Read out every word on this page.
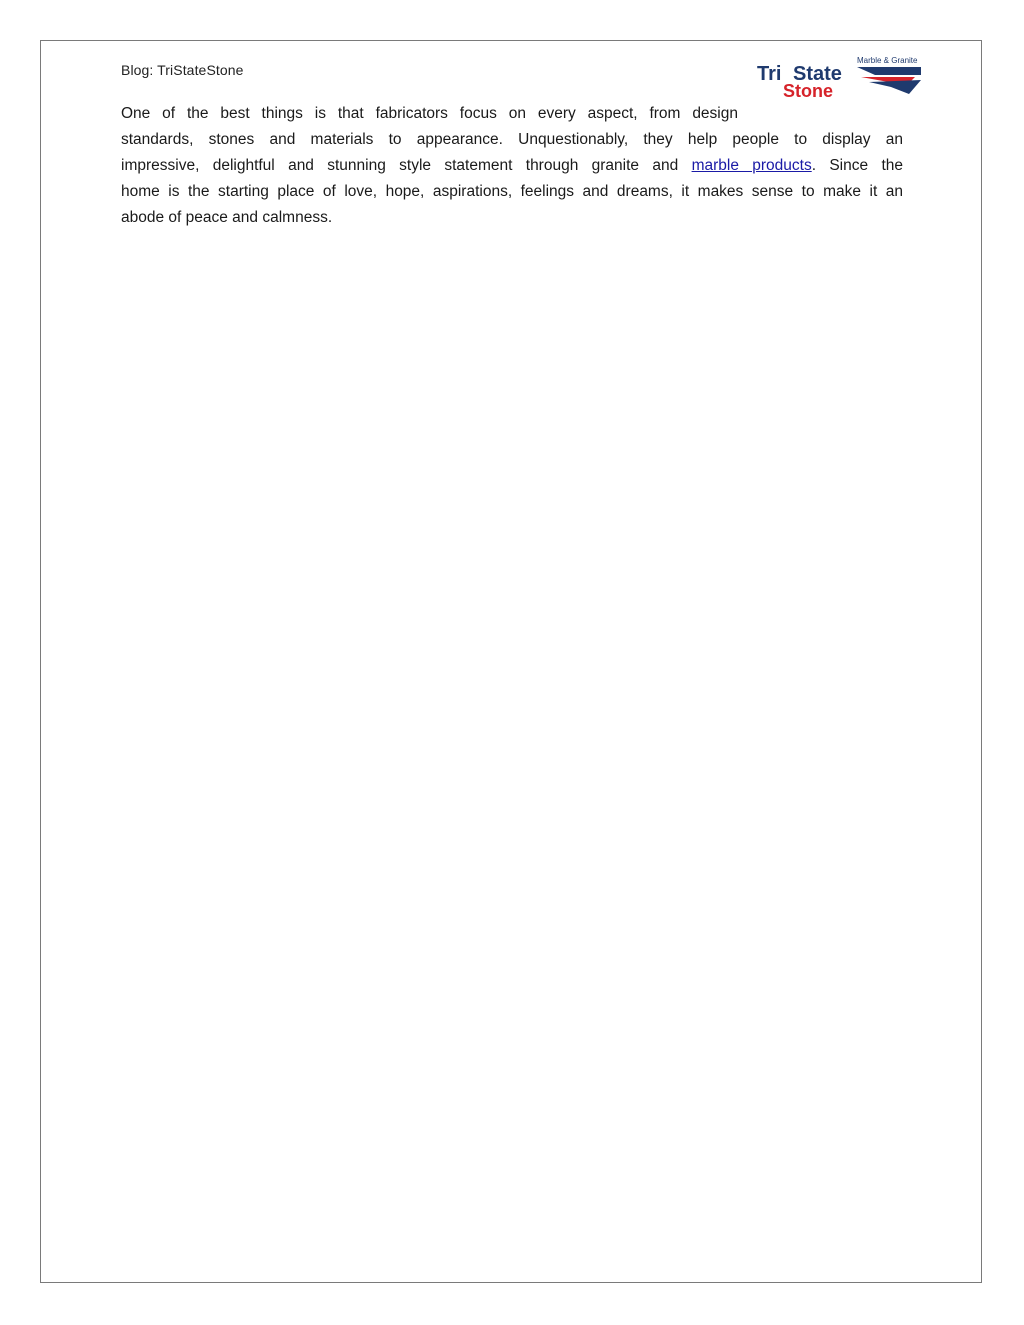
Blog: TriStateStone
Marble & Granite
Tri State
Stone
One of the best things is that fabricators focus on every aspect, from design
standards, stones and materials to appearance. Unquestionably, they help people to display an
impressive, delightful and stunning style statement through granite and marble products. Since the
home is the starting place of love, hope, aspirations, feelings and dreams, it makes sense to make it an
abode of peace and calmness.
